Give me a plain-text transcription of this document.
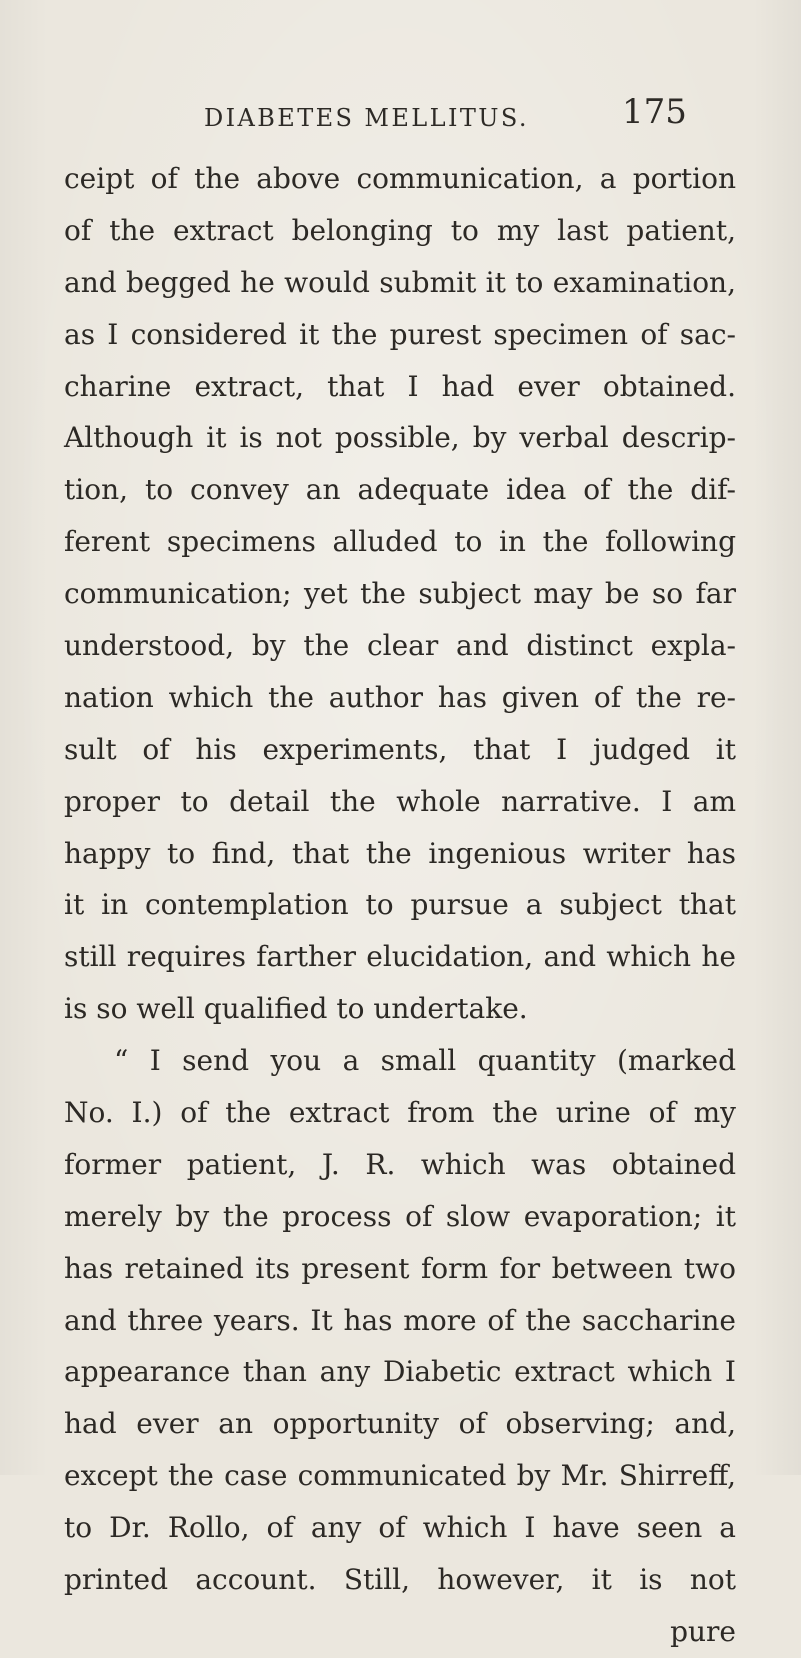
DIABETES MELLITUS.	175
ceipt of the above communication, a portion
of the extract belonging to my last patient,
and begged he would submit it to examination,
as I considered it the purest specimen of sac-
charine extract, that I had ever obtained.
Although it is not possible, by verbal descrip-
tion, to convey an adequate idea of the dif-
ferent specimens alluded to in the following
communication; yet the subject may be so far
understood, by the clear and distinct expla-
nation which the author has given of the re-
sult of his experiments, that I judged it
proper to detail the whole narrative. I am
happy to find, that the ingenious writer has
it in contemplation to pursue a subject that
still requires farther elucidation, and which he
is so well qualified to undertake.
“ I send you a small quantity (marked
No. I.) of the extract from the urine of my
former patient, J. R. which was obtained
merely by the process of slow evaporation; it
has retained its present form for between two
and three years. It has more of the saccharine
appearance than any Diabetic extract which I
had ever an opportunity of observing; and,
except the case communicated by Mr. Shirreff,
to Dr. Rollo, of any of which I have seen a
printed account. Still, however, it is not
pure
